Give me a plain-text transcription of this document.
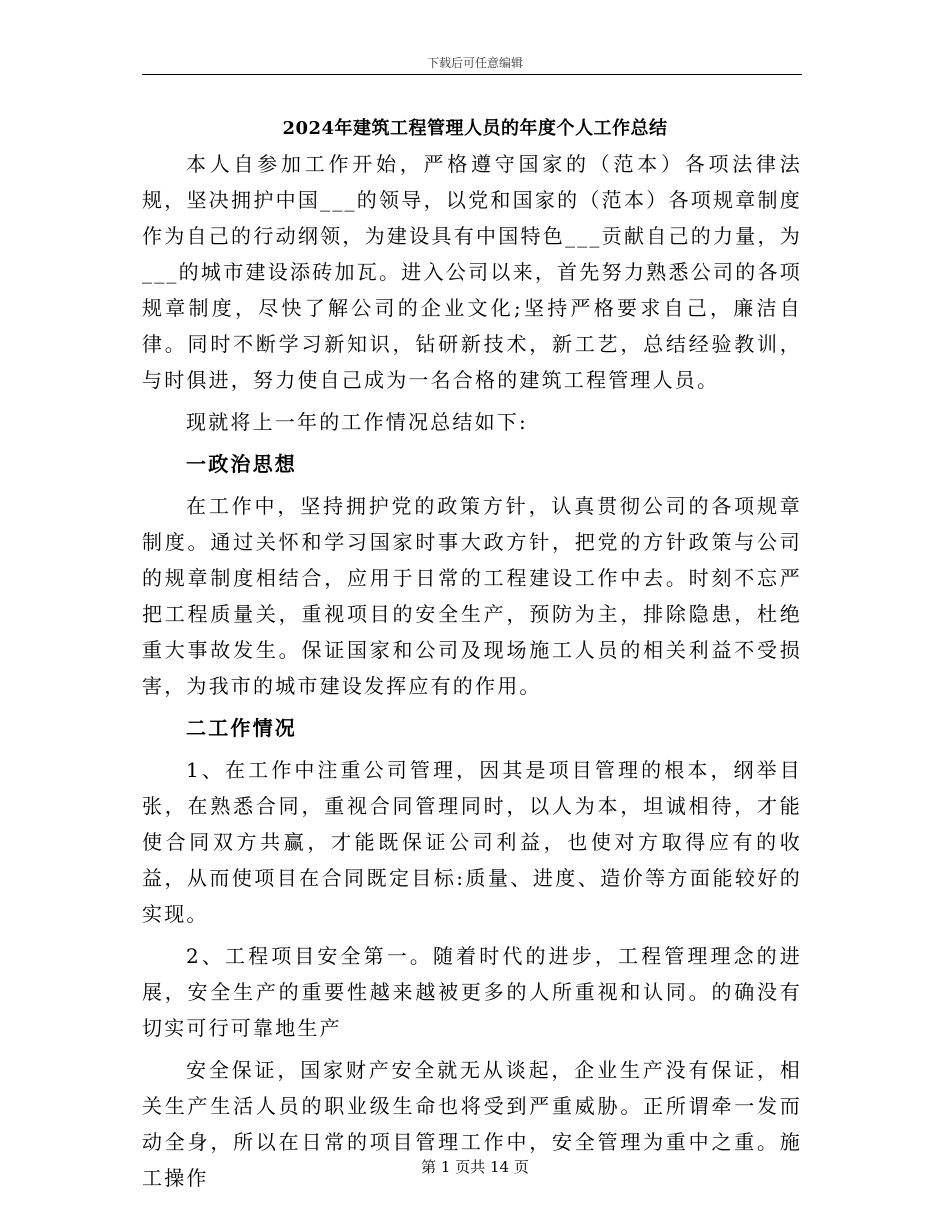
下载后可任意编辑
2024年建筑工程管理人员的年度个人工作总结

本人自参加工作开始，严格遵守国家的（范本）各项法律法规，坚决拥护中国___的领导，以党和国家的（范本）各项规章制度作为自己的行动纲领，为建设具有中国特色___贡献自己的力量，为___的城市建设添砖加瓦。进入公司以来，首先努力熟悉公司的各项规章制度，尽快了解公司的企业文化;坚持严格要求自己，廉洁自律。同时不断学习新知识，钻研新技术，新工艺，总结经验教训，与时俱进，努力使自己成为一名合格的建筑工程管理人员。

现就将上一年的工作情况总结如下:

一政治思想

在工作中，坚持拥护党的政策方针，认真贯彻公司的各项规章制度。通过关怀和学习国家时事大政方针，把党的方针政策与公司的规章制度相结合，应用于日常的工程建设工作中去。时刻不忘严把工程质量关，重视项目的安全生产，预防为主，排除隐患，杜绝重大事故发生。保证国家和公司及现场施工人员的相关利益不受损害，为我市的城市建设发挥应有的作用。

二工作情况

1、在工作中注重公司管理，因其是项目管理的根本，纲举目张，在熟悉合同，重视合同管理同时，以人为本，坦诚相待，才能使合同双方共赢，才能既保证公司利益，也使对方取得应有的收益，从而使项目在合同既定目标:质量、进度、造价等方面能较好的实现。

2、工程项目安全第一。随着时代的进步，工程管理理念的进展，安全生产的重要性越来越被更多的人所重视和认同。的确没有切实可行可靠地生产

安全保证，国家财产安全就无从谈起，企业生产没有保证，相关生产生活人员的职业级生命也将受到严重威胁。正所谓牵一发而动全身，所以在日常的项目管理工作中，安全管理为重中之重。施工操作	第 1 页共 14 页
